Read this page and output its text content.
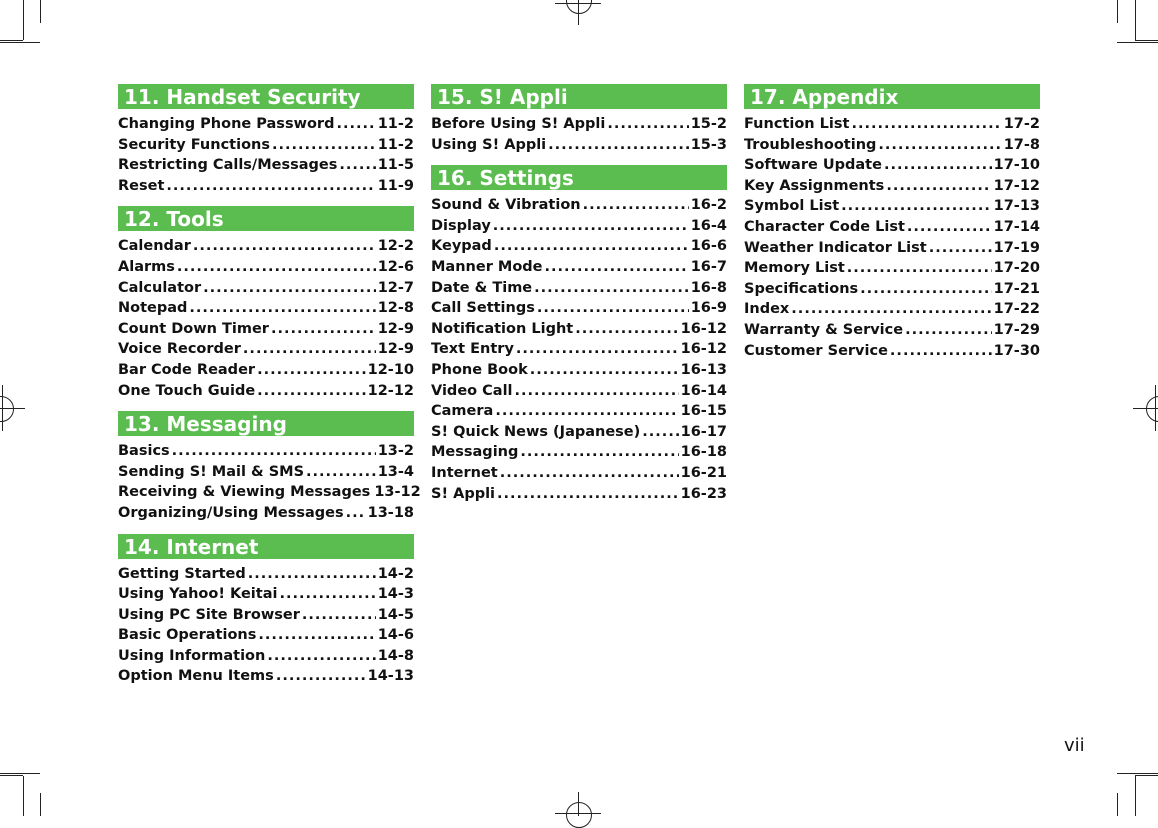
11. Handset Security
Changing Phone Password .....	11-2
Security Functions .....	11-2
Restricting Calls/Messages .....	11-5
Reset .....	11-9
12. Tools
Calendar .....	12-2
Alarms .....	12-6
Calculator .....	12-7
Notepad .....	12-8
Count Down Timer .....	12-9
Voice Recorder .....	12-9
Bar Code Reader .....	12-10
One Touch Guide .....	12-12
13. Messaging
Basics .....	13-2
Sending S! Mail & SMS .....	13-4
Receiving & Viewing Messages 13-12
Organizing/Using Messages ..... 13-18
14. Internet
Getting Started .....	14-2
Using Yahoo! Keitai .....	14-3
Using PC Site Browser .....	14-5
Basic Operations .....	14-6
Using Information .....	14-8
Option Menu Items .....	14-13
15. S! Appli
Before Using S! Appli .....	15-2
Using S! Appli .....	15-3
16. Settings
Sound & Vibration .....	16-2
Display .....	16-4
Keypad .....	16-6
Manner Mode .....	16-7
Date & Time .....	16-8
Call Settings .....	16-9
Notification Light .....	16-12
Text Entry .....	16-12
Phone Book .....	16-13
Video Call .....	16-14
Camera .....	16-15
S! Quick News (Japanese) .....	16-17
Messaging .....	16-18
Internet .....	16-21
S! Appli .....	16-23
17. Appendix
Function List .....	17-2
Troubleshooting .....	17-8
Software Update .....	17-10
Key Assignments .....	17-12
Symbol List .....	17-13
Character Code List .....	17-14
Weather Indicator List .....	17-19
Memory List .....	17-20
Specifications .....	17-21
Index .....	17-22
Warranty & Service .....	17-29
Customer Service .....	17-30
vii
